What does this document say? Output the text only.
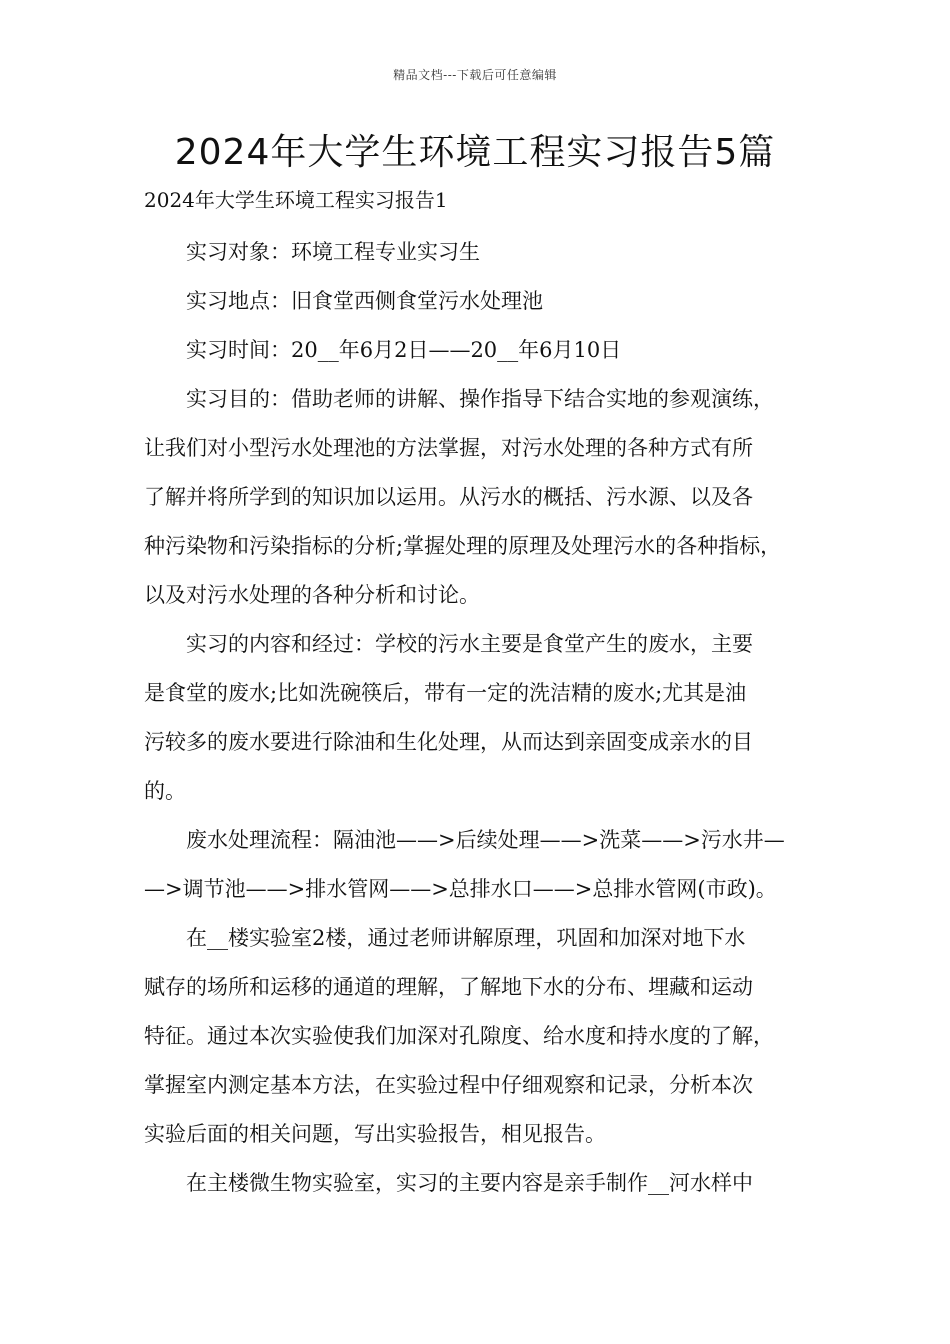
精品文档---下载后可任意编辑
2024年大学生环境工程实习报告5篇
2024年大学生环境工程实习报告1

实习对象：环境工程专业实习生

实习地点：旧食堂西侧食堂污水处理池

实习时间：20__年6月2日——20__年6月10日

实习目的：借助老师的讲解、操作指导下结合实地的参观演练，
让我们对小型污水处理池的方法掌握，对污水处理的各种方式有所
了解并将所学到的知识加以运用。从污水的概括、污水源、以及各
种污染物和污染指标的分析;掌握处理的原理及处理污水的各种指标，
以及对污水处理的各种分析和讨论。

实习的内容和经过：学校的污水主要是食堂产生的废水，主要
是食堂的废水;比如洗碗筷后，带有一定的洗洁精的废水;尤其是油
污较多的废水要进行除油和生化处理，从而达到亲固变成亲水的目
的。

废水处理流程：隔油池——>后续处理——>洗菜——>污水井—
—>调节池——>排水管网——>总排水口——>总排水管网(市政)。

在__楼实验室2楼，通过老师讲解原理，巩固和加深对地下水
赋存的场所和运移的通道的理解，了解地下水的分布、埋藏和运动
特征。通过本次实验使我们加深对孔隙度、给水度和持水度的了解，
掌握室内测定基本方法，在实验过程中仔细观察和记录，分析本次
实验后面的相关问题，写出实验报告，相见报告。

在主楼微生物实验室，实习的主要内容是亲手制作__河水样中
